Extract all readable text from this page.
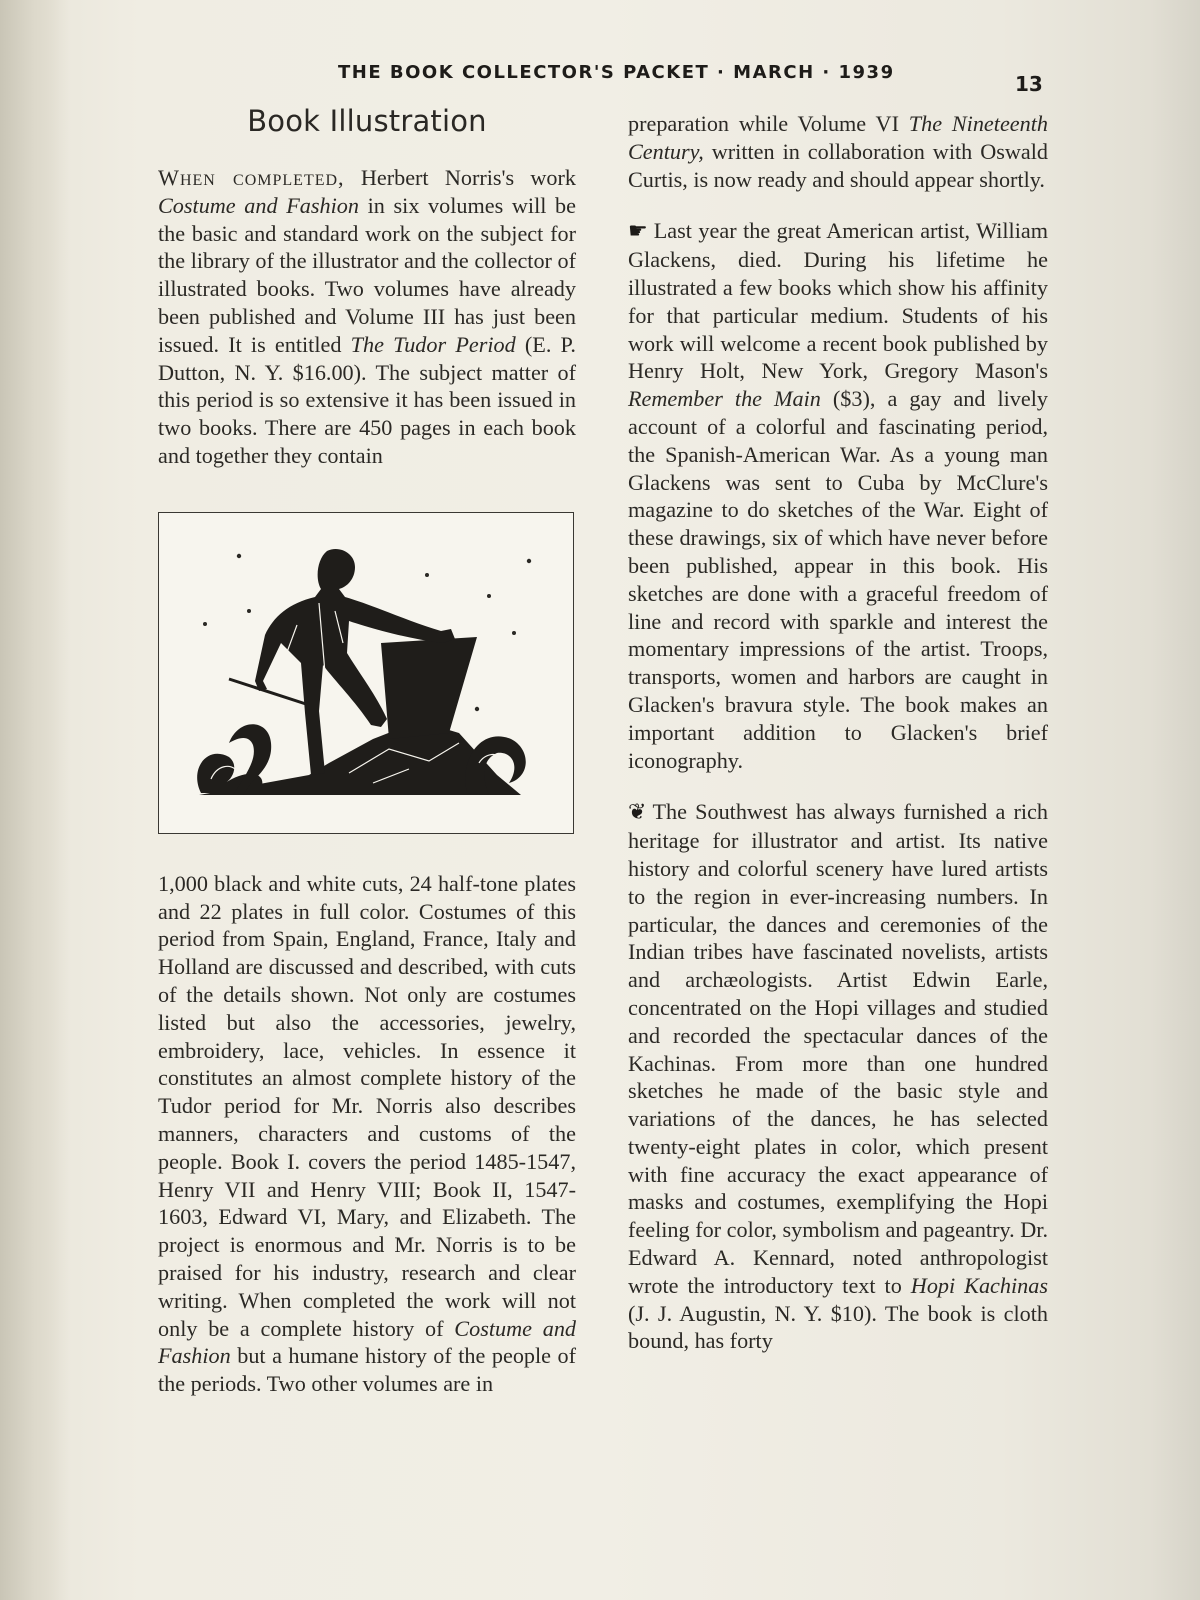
THE BOOK COLLECTOR'S PACKET · MARCH · 1939	13
Book Illustration

When completed, Herbert Norris's work Costume and Fashion in six volumes will be the basic and standard work on the subject for the library of the illustrator and the collector of illustrated books. Two volumes have already been published and Volume III has just been issued. It is entitled The Tudor Period (E. P. Dutton, N. Y. $16.00). The subject matter of this period is so extensive it has been issued in two books. There are 450 pages in each book and together they contain

1,000 black and white cuts, 24 half-tone plates and 22 plates in full color. Costumes of this period from Spain, England, France, Italy and Holland are discussed and described, with cuts of the details shown. Not only are costumes listed but also the accessories, jewelry, embroidery, lace, vehicles. In essence it constitutes an almost complete history of the Tudor period for Mr. Norris also describes manners, characters and customs of the people. Book I. covers the period 1485-1547, Henry VII and Henry VIII; Book II, 1547-1603, Edward VI, Mary, and Elizabeth. The project is enormous and Mr. Norris is to be praised for his industry, research and clear writing. When completed the work will not only be a complete history of Costume and Fashion but a humane history of the people of the periods. Two other volumes are in

preparation while Volume VI The Nineteenth Century, written in collaboration with Oswald Curtis, is now ready and should appear shortly.

☛ Last year the great American artist, William Glackens, died. During his lifetime he illustrated a few books which show his affinity for that particular medium. Students of his work will welcome a recent book published by Henry Holt, New York, Gregory Mason's Remember the Main ($3), a gay and lively account of a colorful and fascinating period, the Spanish-American War. As a young man Glackens was sent to Cuba by McClure's magazine to do sketches of the War. Eight of these drawings, six of which have never before been published, appear in this book. His sketches are done with a graceful freedom of line and record with sparkle and interest the momentary impressions of the artist. Troops, transports, women and harbors are caught in Glacken's bravura style. The book makes an important addition to Glacken's brief iconography.

❦ The Southwest has always furnished a rich heritage for illustrator and artist. Its native history and colorful scenery have lured artists to the region in ever-increasing numbers. In particular, the dances and ceremonies of the Indian tribes have fascinated novelists, artists and archæologists. Artist Edwin Earle, concentrated on the Hopi villages and studied and recorded the spectacular dances of the Kachinas. From more than one hundred sketches he made of the basic style and variations of the dances, he has selected twenty-eight plates in color, which present with fine accuracy the exact appearance of masks and costumes, exemplifying the Hopi feeling for color, symbolism and pageantry. Dr. Edward A. Kennard, noted anthropologist wrote the introductory text to Hopi Kachinas (J. J. Augustin, N. Y. $10). The book is cloth bound, has forty
